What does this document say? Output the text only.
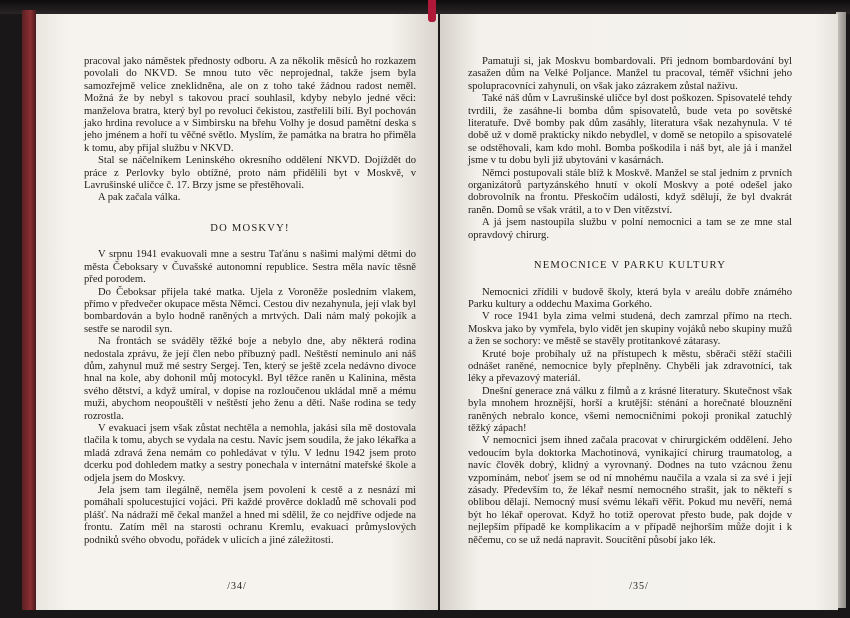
pracoval jako náměstek přednosty odboru. A za několik měsíců ho rozkazem povolali do NKVD. Se mnou tuto věc neprojednal, takže jsem byla samozřejmě velice zneklidněna, ale on z toho také žádnou radost neměl. Možná že by nebyl s takovou prací souhlasil, kdyby nebylo jedné věci: manželova bratra, který byl po revoluci čekistou, zastřelili bílí. Byl pochován jako hrdina revoluce a v Simbirsku na břehu Volhy je dosud pamětní deska s jeho jménem a hoří tu věčné světlo. Myslím, že památka na bratra ho přiměla k tomu, aby přijal službu v NKVD.

Stal se náčelníkem Leninského okresního oddělení NKVD. Dojíždět do práce z Perlovky bylo obtížné, proto nám přidělili byt v Moskvě, v Lavrušinské uličce č. 17. Brzy jsme se přestěhovali.

A pak začala válka.

DO MOSKVY!

V srpnu 1941 evakuovali mne a sestru Taťánu s našimi malými dětmi do města Čeboksary v Čuvašské autonomní republice. Sestra měla navíc těsně před porodem.

Do Čeboksar přijela také matka. Ujela z Voroněže posledním vlakem, přímo v předvečer okupace města Němci. Cestou div nezahynula, její vlak byl bombardován a bylo hodně raněných a mrtvých. Dali nám malý pokojík a sestře se narodil syn.

Na frontách se sváděly těžké boje a nebylo dne, aby některá rodina nedostala zprávu, že její člen nebo příbuzný padl. Neštěstí neminulo ani náš dům, zahynul muž mé sestry Sergej. Ten, který se ještě zcela nedávno divoce hnal na kole, aby dohonil můj motocykl. Byl těžce raněn u Kalinina, města svého dětství, a když umíral, v dopise na rozloučenou ukládal mně a mému muži, abychom neopouštěli v neštěstí jeho ženu a děti. Naše rodina se tedy rozrostla.

V evakuaci jsem však zůstat nechtěla a nemohla, jakási síla mě dostovala tlačila k tomu, abych se vydala na cestu. Navíc jsem soudila, že jako lékařka a mladá zdravá žena nemám co pohledávat v týlu. V lednu 1942 jsem proto dcerku pod dohledem matky a sestry ponechala v internátní mateřské škole a odjela jsem do Moskvy.

Jela jsem tam ilegálně, neměla jsem povolení k cestě a z nesnází mi pomáhali spolucestující vojáci. Při každé prověrce dokladů mě schovali pod plášť. Na nádraží mě čekal manžel a hned mi sdělil, že co nejdříve odjede na frontu. Zatím měl na starosti ochranu Kremlu, evakuaci průmyslových podniků svého obvodu, pořádek v ulicích a jiné záležitosti.

/34/

Pamatuji si, jak Moskvu bombardovali. Při jednom bombardování byl zasažen dům na Velké Poljance. Manžel tu pracoval, téměř všichni jeho spolupracovníci zahynuli, on však jako zázrakem zůstal naživu.

Také náš dům v Lavrušinské uličce byl dost poškozen. Spisovatelé tehdy tvrdili, že zasáhne-li bomba dům spisovatelů, bude veta po sovětské literatuře. Dvě bomby pak dům zasáhly, literatura však nezahynula. V té době už v domě prakticky nikdo nebydlel, v domě se netopilo a spisovatelé se odstěhovali, kam kdo mohl. Bomba poškodila i náš byt, ale já i manžel jsme v tu dobu byli již ubytováni v kasárnách.

Němci postupovali stále blíž k Moskvě. Manžel se stal jedním z prvních organizátorů partyzánského hnutí v okolí Moskvy a poté odešel jako dobrovolník na frontu. Přeskočím události, když sdělují, že byl dvakrát raněn. Domů se však vrátil, a to v Den vítězství.

A já jsem nastoupila službu v polní nemocnici a tam se ze mne stal opravdový chirurg.

NEMOCNICE V PARKU KULTURY

Nemocnici zřídili v budově školy, která byla v areálu dobře známého Parku kultury a oddechu Maxima Gorkého.

V roce 1941 byla zima velmi studená, dech zamrzal přímo na rtech. Moskva jako by vymřela, bylo vidět jen skupiny vojáků nebo skupiny mužů a žen se sochory: ve městě se stavěly protitankové zátarasy.

Kruté boje probíhaly už na přístupech k městu, sběrači stěží stačili odnášet raněné, nemocnice byly přeplněny. Chyběli jak zdravotníci, tak léky a převazový materiál.

Dnešní generace zná válku z filmů a z krásné literatury. Skutečnost však byla mnohem hroznější, horší a krutější: sténání a horečnaté blouznění raněných nebralo konce, všemi nemocničními pokoji pronikal zatuchlý těžký zápach!

V nemocnici jsem ihned začala pracovat v chirurgickém oddělení. Jeho vedoucím byla doktorka Machotinová, vynikající chirurg traumatolog, a navíc člověk dobrý, klidný a vyrovnaný. Dodnes na tuto vzácnou ženu vzpomínám, neboť jsem se od ní mnohému naučila a vzala si za své i její zásady. Především to, že lékař nesmí nemocného strašit, jak to někteří s oblibou dělají. Nemocný musí svému lékaři věřit. Pokud mu nevěří, nemá být ho lékař operovat. Když ho totiž operovat přesto bude, pak dojde v nejlepším případě ke komplikacím a v případě nejhorším může dojít i k něčemu, co se už nedá napravit. Soucítění působí jako lék.

/35/
